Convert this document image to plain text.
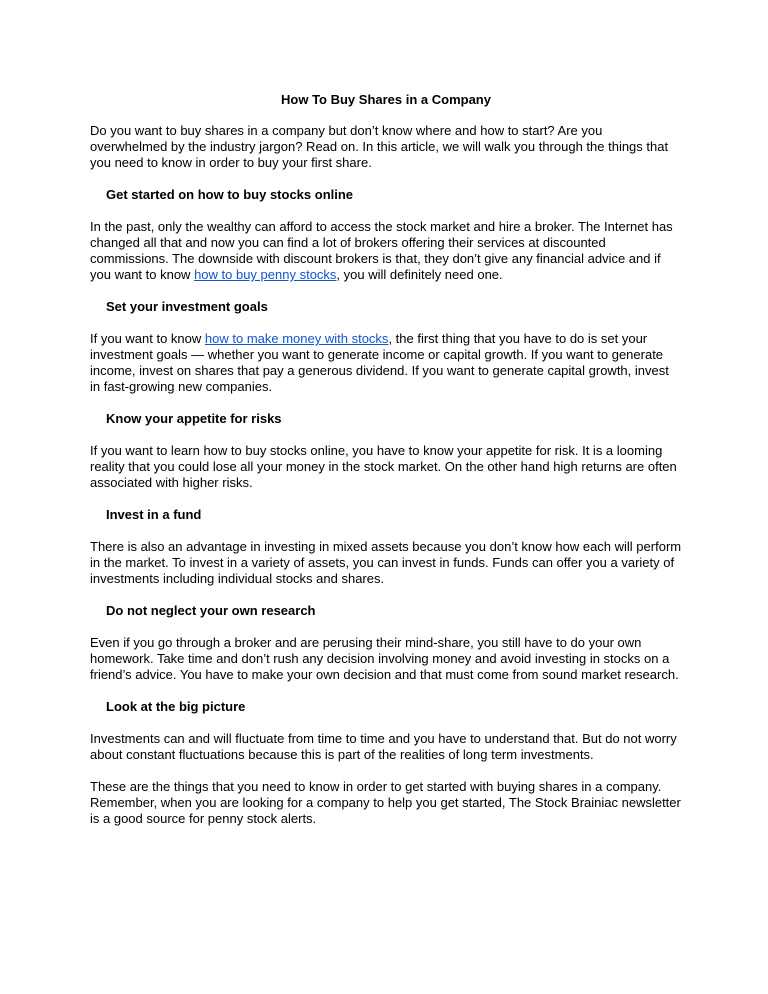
How To Buy Shares in a Company

Do you want to buy shares in a company but don’t know where and how to start? Are you overwhelmed by the industry jargon? Read on. In this article, we will walk you through the things that you need to know in order to buy your first share.

Get started on how to buy stocks online

In the past, only the wealthy can afford to access the stock market and hire a broker. The Internet has changed all that and now you can find a lot of brokers offering their services at discounted commissions. The downside with discount brokers is that, they don’t give any financial advice and if you want to know how to buy penny stocks, you will definitely need one.

Set your investment goals

If you want to know how to make money with stocks, the first thing that you have to do is set your investment goals — whether you want to generate income or capital growth. If you want to generate income, invest on shares that pay a generous dividend. If you want to generate capital growth, invest in fast-growing new companies.

Know your appetite for risks

If you want to learn how to buy stocks online, you have to know your appetite for risk. It is a looming reality that you could lose all your money in the stock market. On the other hand high returns are often associated with higher risks.

Invest in a fund

There is also an advantage in investing in mixed assets because you don’t know how each will perform in the market. To invest in a variety of assets, you can invest in funds. Funds can offer you a variety of investments including individual stocks and shares.

Do not neglect your own research

Even if you go through a broker and are perusing their mind-share, you still have to do your own homework. Take time and don’t rush any decision involving money and avoid investing in stocks on a friend’s advice. You have to make your own decision and that must come from sound market research.

Look at the big picture

Investments can and will fluctuate from time to time and you have to understand that. But do not worry about constant fluctuations because this is part of the realities of long term investments.

These are the things that you need to know in order to get started with buying shares in a company. Remember, when you are looking for a company to help you get started, The Stock Brainiac newsletter is a good source for penny stock alerts.
